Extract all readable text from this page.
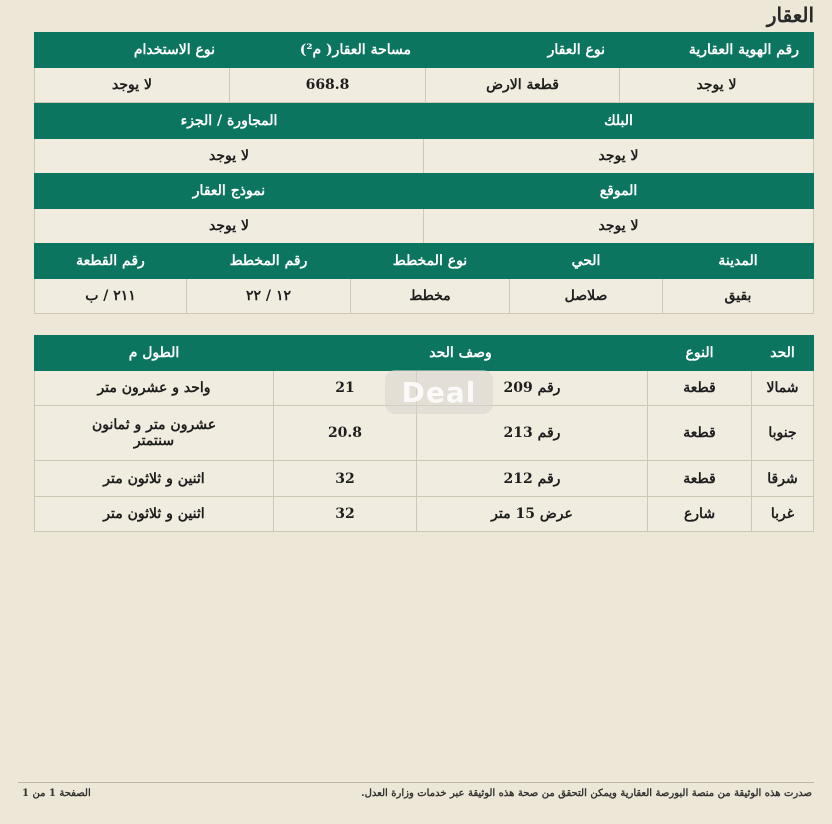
العقار
رقم الهوية العقارية	نوع العقار	مساحة العقار( م²)	نوع الاستخدام
لا يوجد	قطعة الارض	668.8	لا يوجد
البلك	المجاورة / الجزء
لا يوجد	لا يوجد
الموقع	نموذج العقار
لا يوجد	لا يوجد
المدينة	الحي	نوع المخطط	رقم المخطط	رقم القطعة
بقيق	صلاصل	مخطط	١٢ / ٢٢	٢١١ / ب
الحد	النوع	وصف الحد		الطول م
شمالا	قطعة	رقم 209	21	واحد و عشرون متر
جنوبا	قطعة	رقم 213	20.8	عشرون متر و ثمانون سنتمتر
شرقا	قطعة	رقم 212	32	اثنين و ثلاثون متر
غربا	شارع	عرض 15 متر	32	اثنين و ثلاثون متر
Deal
صدرت هذه الوثيقة من منصة البورصة العقارية ويمكن التحقق من صحة هذه الوثيقة عبر خدمات وزارة العدل.
الصفحة 1 من 1
